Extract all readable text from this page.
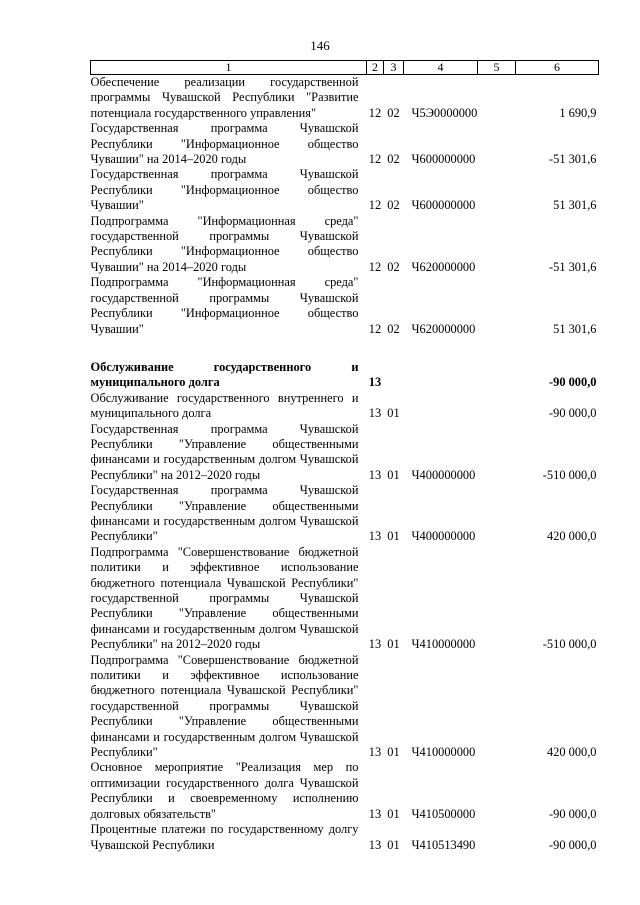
146
1	2	3	4	5	6
Обеспечение реализации государственной программы Чувашской Республики "Развитие потенциала государственного управления"	12	02	Ч5Э0000000		1 690,9
Государственная программа Чувашской Республики "Информационное общество Чувашии" на 2014–2020 годы	12	02	Ч600000000		-51 301,6
Государственная программа Чувашской Республики "Информационное общество Чувашии"	12	02	Ч600000000		51 301,6
Подпрограмма "Информационная среда" государственной программы Чувашской Республики "Информационное общество Чувашии" на 2014–2020 годы	12	02	Ч620000000		-51 301,6
Подпрограмма "Информационная среда" государственной программы Чувашской Республики "Информационное общество Чувашии"	12	02	Ч620000000		51 301,6

Обслуживание государственного и муниципального долга	13				-90 000,0
Обслуживание государственного внутреннего и муниципального долга	13	01			-90 000,0
Государственная программа Чувашской Республики "Управление общественными финансами и государственным долгом Чувашской Республики" на 2012–2020 годы	13	01	Ч400000000		-510 000,0
Государственная программа Чувашской Республики "Управление общественными финансами и государственным долгом Чувашской Республики"	13	01	Ч400000000		420 000,0
Подпрограмма "Совершенствование бюджетной политики и эффективное использование бюджетного потенциала Чувашской Республики" государственной программы Чувашской Республики "Управление общественными финансами и государственным долгом Чувашской Республики" на 2012–2020 годы	13	01	Ч410000000		-510 000,0
Подпрограмма "Совершенствование бюджетной политики и эффективное использование бюджетного потенциала Чувашской Республики" государственной программы Чувашской Республики "Управление общественными финансами и государственным долгом Чувашской Республики"	13	01	Ч410000000		420 000,0
Основное мероприятие "Реализация мер по оптимизации государственного долга Чувашской Республики и своевременному исполнению долговых обязательств"	13	01	Ч410500000		-90 000,0
Процентные платежи по государственному долгу Чувашской Республики	13	01	Ч410513490		-90 000,0
